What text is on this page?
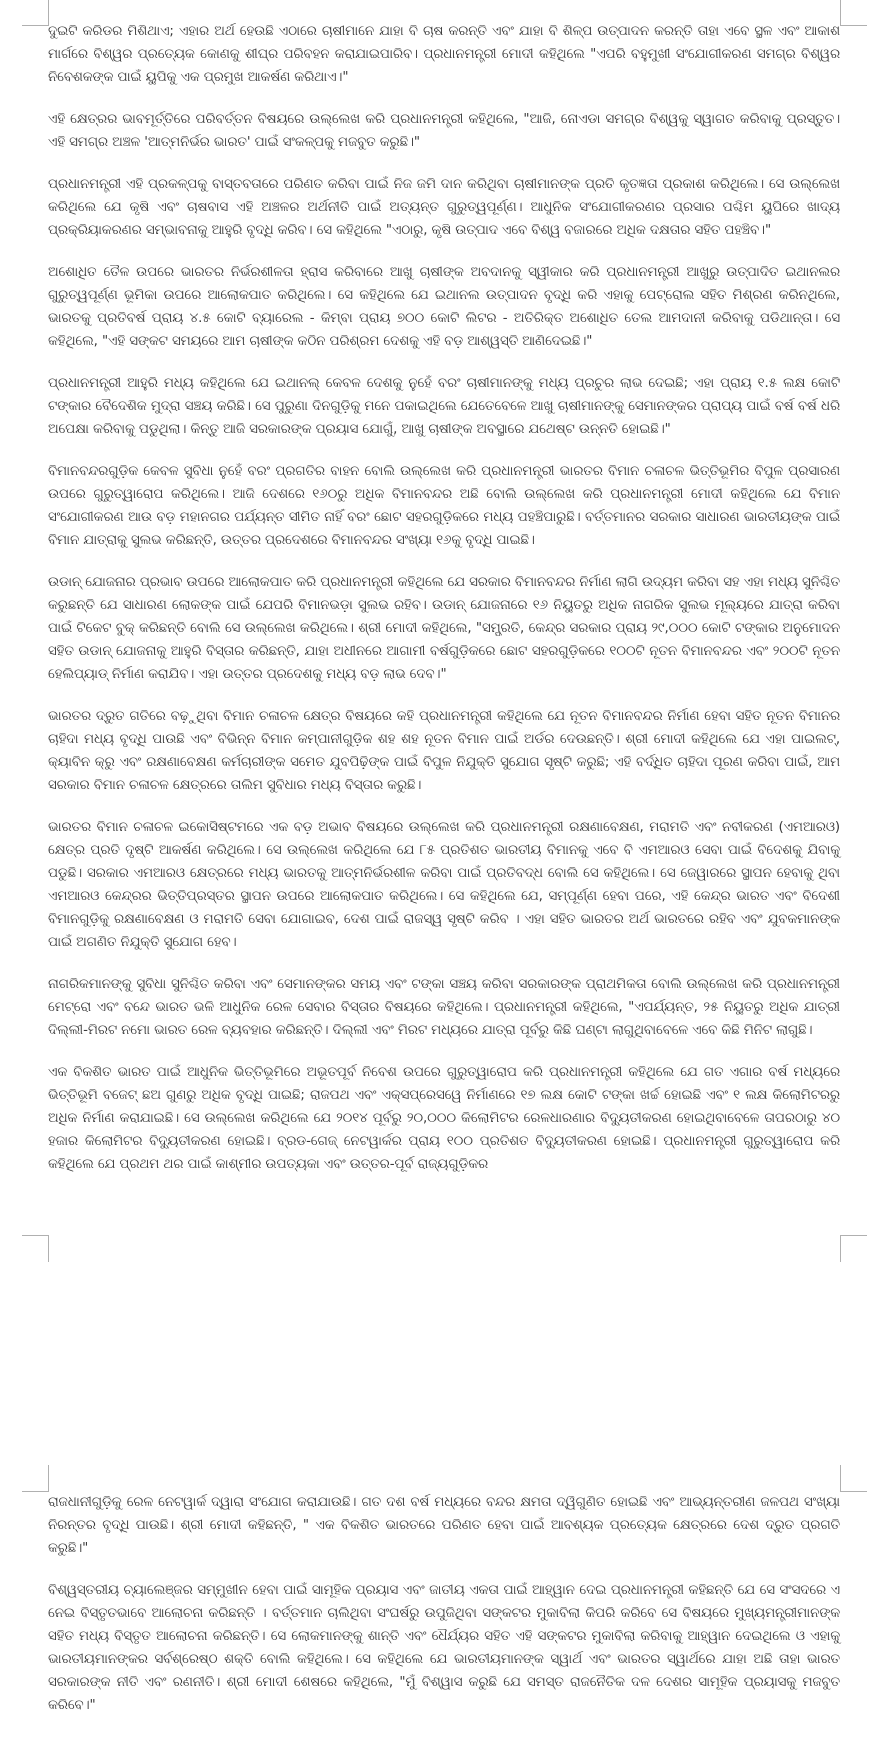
ଦୁଇଟି କରିଡର ମିଶିଥାଏ; ଏହାର ଅର୍ଥ ହେଉଛି ଏଠାରେ ଚାଷୀମାନେ ଯାହା ବି ଚାଷ କରନ୍ତି ଏବଂ ଯାହା ବି ଶିଳ୍ପ ଉତ୍ପାଦନ କରନ୍ତି ତାହା ଏବେ ସ୍ଥଳ ଏବଂ ଆକାଶ ମାର୍ଗରେ ବିଶ୍ୱର ପ୍ରତ୍ୟେକ କୋଣକୁ ଶୀଘ୍ର ପରିବହନ କରାଯାଇପାରିବ। ପ୍ରଧାନମନ୍ତ୍ରୀ ମୋଦୀ କହିଥିଲେ "ଏପରି ବହୁମୁଖୀ ସଂଯୋଗୀକରଣ ସମଗ୍ର ବିଶ୍ୱର ନିବେଶକଙ୍କ ପାଇଁ ୟୁପିକୁ ଏକ ପ୍ରମୁଖ ଆକର୍ଷଣ କରିଥାଏ।"

ଏହି କ୍ଷେତ୍ରର ଭାବମୂର୍ତ୍ତିରେ ପରିବର୍ତ୍ତନ ବିଷୟରେ ଉଲ୍ଲେଖ କରି ପ୍ରଧାନମନ୍ତ୍ରୀ କହିଥିଲେ, "ଆଜି, ନୋଏଡା ସମଗ୍ର ବିଶ୍ୱକୁ ସ୍ୱାଗତ କରିବାକୁ ପ୍ରସ୍ତୁତ। ଏହି ସମଗ୍ର ଅଞ୍ଚଳ 'ଆତ୍ମନିର୍ଭର ଭାରତ' ପାଇଁ ସଂକଳ୍ପକୁ ମଜବୁତ କରୁଛି।"

ପ୍ରଧାନମନ୍ତ୍ରୀ ଏହି ପ୍ରକଳ୍ପକୁ ବାସ୍ତବତାରେ ପରିଣତ କରିବା ପାଇଁ ନିଜ ଜମି ଦାନ କରିଥିବା ଚାଷୀମାନଙ୍କ ପ୍ରତି କୃତଜ୍ଞତା ପ୍ରକାଶ କରିଥିଲେ। ସେ ଉଲ୍ଲେଖ କରିଥିଲେ ଯେ କୃଷି ଏବଂ ଚାଷବାସ ଏହି ଅଞ୍ଚଳର ଅର୍ଥନୀତି ପାଇଁ ଅତ୍ୟନ୍ତ ଗୁରୁତ୍ୱପୂର୍ଣ୍ଣ। ଆଧୁନିକ ସଂଯୋଗୀକରଣର ପ୍ରସାର ପଶ୍ଚିମ ୟୁପିରେ ଖାଦ୍ୟ ପ୍ରକ୍ରିୟାକରଣର ସମ୍ଭାବନାକୁ ଆହୁରି ବୃଦ୍ଧି କରିବ। ସେ କହିଥିଲେ "ଏଠାରୁ, କୃଷି ଉତ୍ପାଦ ଏବେ ବିଶ୍ୱ ବଜାରରେ ଅଧିକ ଦକ୍ଷତାର ସହିତ ପହଞ୍ଚିବ।"

ଅଶୋଧିତ ତୈଳ ଉପରେ ଭାରତର ନିର୍ଭରଶୀଳତା ହ୍ରାସ କରିବାରେ ଆଖୁ ଚାଷୀଙ୍କ ଅବଦାନକୁ ସ୍ୱୀକାର କରି ପ୍ରଧାନମନ୍ତ୍ରୀ ଆଖୁରୁ ଉତ୍ପାଦିତ ଇଥାନଲର ଗୁରୁତ୍ୱପୂର୍ଣ୍ଣ ଭୂମିକା ଉପରେ ଆଲୋକପାତ କରିଥିଲେ। ସେ କହିଥିଲେ ଯେ ଇଥାନଲ ଉତ୍ପାଦନ ବୃଦ୍ଧି କରି ଏହାକୁ ପେଟ୍ରୋଲ ସହିତ ମିଶ୍ରଣ କରିନଥିଲେ, ଭାରତକୁ ପ୍ରତିବର୍ଷ ପ୍ରାୟ ୪.୫ କୋଟି ବ୍ୟାରେଲ - କିମ୍ବା ପ୍ରାୟ ୭୦୦ କୋଟି ଲିଟର - ଅତିରିକ୍ତ ଅଶୋଧିତ ତେଲ ଆମଦାନୀ କରିବାକୁ ପଡିଥାନ୍ତା। ସେ କହିଥିଲେ, "ଏହି ସଙ୍କଟ ସମୟରେ ଆମ ଚାଷୀଙ୍କ କଠିନ ପରିଶ୍ରମ ଦେଶକୁ ଏହି ବଡ଼ ଆଶ୍ୱସ୍ତି ଆଣିଦେଇଛି।"

ପ୍ରଧାନମନ୍ତ୍ରୀ ଆହୁରି ମଧ୍ୟ କହିଥିଲେ ଯେ ଇଥାନଲ୍ କେବଳ ଦେଶକୁ ନୁହେଁ ବରଂ ଚାଷୀମାନଙ୍କୁ ମଧ୍ୟ ପ୍ରଚୁର ଲାଭ ଦେଇଛି; ଏହା ପ୍ରାୟ ୧.୫ ଲକ୍ଷ କୋଟି ଟଙ୍କାର ବୈଦେଶିକ ମୁଦ୍ରା ସଞ୍ଚୟ କରିଛି। ସେ ପୁରୁଣା ଦିନଗୁଡ଼ିକୁ ମନେ ପକାଇଥିଲେ ଯେତେବେଳେ ଆଖୁ ଚାଷୀମାନଙ୍କୁ ସେମାନଙ୍କର ପ୍ରାପ୍ୟ ପାଇଁ ବର୍ଷ ବର୍ଷ ଧରି ଅପେକ୍ଷା କରିବାକୁ ପଡୁଥିଲା। କିନ୍ତୁ ଆଜି ସରକାରଙ୍କ ପ୍ରୟାସ ଯୋଗୁଁ, ଆଖୁ ଚାଷୀଙ୍କ ଅବସ୍ଥାରେ ଯଥେଷ୍ଟ ଉନ୍ନତି ହୋଇଛି।"

ବିମାନବନ୍ଦରଗୁଡ଼ିକ କେବଳ ସୁବିଧା ନୁହେଁ ବରଂ ପ୍ରଗତିର ବାହନ ବୋଲି ଉଲ୍ଲେଖ କରି ପ୍ରଧାନମନ୍ତ୍ରୀ ଭାରତର ବିମାନ ଚଳାଚଳ ଭିତ୍ତିଭୂମିର ବିପୁଳ ପ୍ରସାରଣ ଉପରେ ଗୁରୁତ୍ୱାରୋପ କରିଥିଲେ। ଆଜି ଦେଶରେ ୧୬୦ରୁ ଅଧିକ ବିମାନବନ୍ଦର ଅଛି ବୋଲି ଉଲ୍ଲେଖ କରି ପ୍ରଧାନମନ୍ତ୍ରୀ ମୋଦୀ କହିଥିଲେ ଯେ ବିମାନ ସଂଯୋଗୀକରଣ ଆଉ ବଡ଼ ମହାନଗର ପର୍ଯ୍ୟନ୍ତ ସୀମିତ ନାହିଁ ବରଂ ଛୋଟ ସହରଗୁଡ଼ିକରେ ମଧ୍ୟ ପହଞ୍ଚିପାରୁଛି। ବର୍ତ୍ତମାନର ସରକାର ସାଧାରଣ ଭାରତୀୟଙ୍କ ପାଇଁ ବିମାନ ଯାତ୍ରାକୁ ସୁଲଭ କରିଛନ୍ତି, ଉତ୍ତର ପ୍ରଦେଶରେ ବିମାନବନ୍ଦର ସଂଖ୍ୟା ୧୬କୁ ବୃଦ୍ଧି ପାଇଛି।

ଉଡାନ୍ ଯୋଜନାର ପ୍ରଭାବ ଉପରେ ଆଲୋକପାତ କରି ପ୍ରଧାନମନ୍ତ୍ରୀ କହିଥିଲେ ଯେ ସରକାର ବିମାନବନ୍ଦର ନିର୍ମାଣ ଲାଗି ଉଦ୍ୟମ କରିବା ସହ ଏହା ମଧ୍ୟ ସୁନିଶ୍ଚିତ କରୁଛନ୍ତି ଯେ ସାଧାରଣ ଲୋକଙ୍କ ପାଇଁ ଯେପରି ବିମାନଭଡ଼ା ସୁଲଭ ରହିବ। ଉଡାନ୍ ଯୋଜନାରେ ୧୬ ନିୟୁତରୁ ଅଧିକ ନାଗରିକ ସୁଲଭ ମୂଲ୍ୟରେ ଯାତ୍ରା କରିବା ପାଇଁ ଟିକେଟ ବୁକ୍ କରିଛନ୍ତି ବୋଲି ସେ ଉଲ୍ଲେଖ କରିଥିଲେ। ଶ୍ରୀ ମୋଦୀ କହିଥିଲେ, "ସମ୍ପ୍ରତି, କେନ୍ଦ୍ର ସରକାର ପ୍ରାୟ ୨୯,୦୦୦ କୋଟି ଟଙ୍କାର ଅନୁମୋଦନ ସହିତ ଉଡାନ୍ ଯୋଜନାକୁ ଆହୁରି ବିସ୍ତାର କରିଛନ୍ତି, ଯାହା ଅଧୀନରେ ଆଗାମୀ ବର୍ଷଗୁଡ଼ିକରେ ଛୋଟ ସହରଗୁଡ଼ିକରେ ୧୦୦ଟି ନୂତନ ବିମାନବନ୍ଦର ଏବଂ ୨୦୦ଟି ନୂତନ ହେଲିପ୍ୟାଡ୍ ନିର୍ମାଣ କରାଯିବ। ଏହା ଉତ୍ତର ପ୍ରଦେଶକୁ ମଧ୍ୟ ବଡ଼ ଲାଭ ଦେବ।"

ଭାରତର ଦ୍ରୁତ ଗତିରେ ବଢ଼ୁଥିବା ବିମାନ ଚଳାଚଳ କ୍ଷେତ୍ର ବିଷୟରେ କହି ପ୍ରଧାନମନ୍ତ୍ରୀ କହିଥିଲେ ଯେ ନୂତନ ବିମାନବନ୍ଦର ନିର୍ମାଣ ହେବା ସହିତ ନୂତନ ବିମାନର ଚାହିଦା ମଧ୍ୟ ବୃଦ୍ଧି ପାଉଛି ଏବଂ ବିଭିନ୍ନ ବିମାନ କମ୍ପାନୀଗୁଡ଼ିକ ଶହ ଶହ ନୂତନ ବିମାନ ପାଇଁ ଅର୍ଡର ଦେଉଛନ୍ତି। ଶ୍ରୀ ମୋଦୀ କହିଥିଲେ ଯେ ଏହା ପାଇଲଟ୍, କ୍ୟାବିନ କ୍ରୁ ଏବଂ ରକ୍ଷଣାବେକ୍ଷଣ କର୍ମଚାରୀଙ୍କ ସମେତ ଯୁବପିଢ଼ିଙ୍କ ପାଇଁ ବିପୁଳ ନିଯୁକ୍ତି ସୁଯୋଗ ସୃଷ୍ଟି କରୁଛି; ଏହି ବର୍ଦ୍ଧିତ ଚାହିଦା ପୂରଣ କରିବା ପାଇଁ, ଆମ ସରକାର ବିମାନ ଚଳାଚଳ କ୍ଷେତ୍ରରେ ତାଲିମ ସୁବିଧାର ମଧ୍ୟ ବିସ୍ତାର କରୁଛି।

ଭାରତର ବିମାନ ଚଳାଚଳ ଇକୋସିଷ୍ଟମରେ ଏକ ବଡ଼ ଅଭାବ ବିଷୟରେ ଉଲ୍ଲେଖ କରି ପ୍ରଧାନମନ୍ତ୍ରୀ ରକ୍ଷଣାବେକ୍ଷଣ, ମରାମତି ଏବଂ ନବୀକରଣ (ଏମଆରଓ) କ୍ଷେତ୍ର ପ୍ରତି ଦୃଷ୍ଟି ଆକର୍ଷଣ କରିଥିଲେ। ସେ ଉଲ୍ଲେଖ କରିଥିଲେ ଯେ ୮୫ ପ୍ରତିଶତ ଭାରତୀୟ ବିମାନକୁ ଏବେ ବି ଏମଆରଓ ସେବା ପାଇଁ ବିଦେଶକୁ ଯିବାକୁ ପଡୁଛି। ସରକାର ଏମଆରଓ କ୍ଷେତ୍ରରେ ମଧ୍ୟ ଭାରତକୁ ଆତ୍ମନିର୍ଭରଶୀଳ କରିବା ପାଇଁ ପ୍ରତିବଦ୍ଧ ବୋଲି ସେ କହିଥିଲେ। ସେ ଜେୱାରରେ ସ୍ଥାପନ ହେବାକୁ ଥିବା ଏମଆରଓ କେନ୍ଦ୍ରର ଭିତ୍ତିପ୍ରସ୍ତର ସ୍ଥାପନ ଉପରେ ଆଲୋକପାତ କରିଥିଲେ। ସେ କହିଥିଲେ ଯେ, ସମ୍ପୂର୍ଣ୍ଣ ହେବା ପରେ, ଏହି କେନ୍ଦ୍ର ଭାରତ ଏବଂ ବିଦେଶୀ ବିମାନଗୁଡ଼ିକୁ ରକ୍ଷଣାବେକ୍ଷଣ ଓ ମରାମତି ସେବା ଯୋଗାଇବ, ଦେଶ ପାଇଁ ରାଜସ୍ୱ ସୃଷ୍ଟି କରିବ । ଏହା ସହିତ ଭାରତର ଅର୍ଥ ଭାରତରେ ରହିବ ଏବଂ ଯୁବକମାନଙ୍କ ପାଇଁ ଅଗଣିତ ନିଯୁକ୍ତି ସୁଯୋଗ ହେବ।

ନାଗରିକମାନଙ୍କୁ ସୁବିଧା ସୁନିଶ୍ଚିତ କରିବା ଏବଂ ସେମାନଙ୍କର ସମୟ ଏବଂ ଟଙ୍କା ସଞ୍ଚୟ କରିବା ସରକାରଙ୍କ ପ୍ରାଥମିକତା ବୋଲି ଉଲ୍ଲେଖ କରି ପ୍ରଧାନମନ୍ତ୍ରୀ ମେଟ୍ରୋ ଏବଂ ବନ୍ଦେ ଭାରତ ଭଳି ଆଧୁନିକ ରେଳ ସେବାର ବିସ୍ତାର ବିଷୟରେ କହିଥିଲେ। ପ୍ରଧାନମନ୍ତ୍ରୀ କହିଥିଲେ, "ଏପର୍ଯ୍ୟନ୍ତ, ୨୫ ନିୟୁତରୁ ଅଧିକ ଯାତ୍ରୀ ଦିଲ୍ଲୀ-ମିରଟ ନମୋ ଭାରତ ରେଳ ବ୍ୟବହାର କରିଛନ୍ତି। ଦିଲ୍ଲୀ ଏବଂ ମିରଟ ମଧ୍ୟରେ ଯାତ୍ରା ପୂର୍ବରୁ କିଛି ଘଣ୍ଟା ଲାଗୁଥିବାବେଳେ ଏବେ କିଛି ମିନିଟ ଲାଗୁଛି।

ଏକ ବିକଶିତ ଭାରତ ପାଇଁ ଆଧୁନିକ ଭିତ୍ତିଭୂମିରେ ଅଭୂତପୂର୍ବ ନିବେଶ ଉପରେ ଗୁରୁତ୍ୱାରୋପ କରି ପ୍ରଧାନମନ୍ତ୍ରୀ କହିଥିଲେ ଯେ ଗତ ଏଗାର ବର୍ଷ ମଧ୍ୟରେ ଭିତ୍ତିଭୂମି ବଜେଟ୍ ଛଅ ଗୁଣରୁ ଅଧିକ ବୃଦ୍ଧି ପାଇଛି; ରାଜପଥ ଏବଂ ଏକ୍ସପ୍ରେସୱେ ନିର୍ମାଣରେ ୧୭ ଲକ୍ଷ କୋଟି ଟଙ୍କା ଖର୍ଚ୍ଚ ହୋଇଛି ଏବଂ ୧ ଲକ୍ଷ କିଲୋମିଟରରୁ ଅଧିକ ନିର୍ମାଣ କରାଯାଇଛି। ସେ ଉଲ୍ଲେଖ କରିଥିଲେ ଯେ ୨୦୧୪ ପୂର୍ବରୁ ୨୦,୦୦୦ କିଲୋମିଟର ରେଳଧାରଣାର ବିଦ୍ୟୁତୀକରଣ ହୋଇଥିବାବେଳେ ତାପରଠାରୁ ୪୦ ହଜାର କିଲୋମିଟର ବିଦ୍ୟୁତୀକରଣ ହୋଇଛି। ବ୍ରଡ-ଗେଜ୍ ନେଟୱାର୍କର ପ୍ରାୟ ୧୦୦ ପ୍ରତିଶତ ବିଦ୍ୟୁତୀକରଣ ହୋଇଛି। ପ୍ରଧାନମନ୍ତ୍ରୀ ଗୁରୁତ୍ୱାରୋପ କରି କହିଥିଲେ ଯେ ପ୍ରଥମ ଥର ପାଇଁ କାଶ୍ମୀର ଉପତ୍ୟକା ଏବଂ ଉତ୍ତର-ପୂର୍ବ ରାଜ୍ୟଗୁଡ଼ିକର

ରାଜଧାନୀଗୁଡ଼ିକୁ ରେଳ ନେଟୱାର୍କ ଦ୍ୱାରା ସଂଯୋଗ କରାଯାଉଛି। ଗତ ଦଶ ବର୍ଷ ମଧ୍ୟରେ ବନ୍ଦର କ୍ଷମତା ଦ୍ୱିଗୁଣିତ ହୋଇଛି ଏବଂ ଆଭ୍ୟନ୍ତରୀଣ ଜଳପଥ ସଂଖ୍ୟା ନିରନ୍ତର ବୃଦ୍ଧି ପାଉଛି। ଶ୍ରୀ ମୋଦୀ କହିଛନ୍ତି, " ଏକ ବିକଶିତ ଭାରତରେ ପରିଣତ ହେବା ପାଇଁ ଆବଶ୍ୟକ ପ୍ରତ୍ୟେକ କ୍ଷେତ୍ରରେ ଦେଶ ଦ୍ରୁତ ପ୍ରଗତି କରୁଛି।"

ବିଶ୍ୱସ୍ତରୀୟ ଚ୍ୟାଲେଞ୍ଜର ସମ୍ମୁଖୀନ ହେବା ପାଇଁ ସାମୂହିକ ପ୍ରୟାସ ଏବଂ ଜାତୀୟ ଏକତା ପାଇଁ ଆହ୍ୱାନ ଦେଇ ପ୍ରଧାନମନ୍ତ୍ରୀ କହିଛନ୍ତି ଯେ ସେ ସଂସଦରେ ଏ ନେଇ ବିସ୍ତୃତଭାବେ ଆଲୋଚନା କରିଛନ୍ତି । ବର୍ତ୍ତମାନ ଚାଲିଥିବା ସଂଘର୍ଷରୁ ଉପୁଜିଥିବା ସଙ୍କଟର ମୁକାବିଲା କିପରି କରିବେ ସେ ବିଷୟରେ ମୁଖ୍ୟମନ୍ତ୍ରୀମାନଙ୍କ ସହିତ ମଧ୍ୟ ବିସ୍ତୃତ ଆଲୋଚନା କରିଛନ୍ତି। ସେ ଲୋକମାନଙ୍କୁ ଶାନ୍ତି ଏବଂ ଧୈର୍ଯ୍ୟର ସହିତ ଏହି ସଙ୍କଟର ମୁକାବିଲା କରିବାକୁ ଆହ୍ୱାନ ଦେଇଥିଲେ ଓ ଏହାକୁ ଭାରତୀୟମାନଙ୍କର ସର୍ବଶ୍ରେଷ୍ଠ ଶକ୍ତି ବୋଲି କହିଥିଲେ। ସେ କହିଥିଲେ ଯେ ଭାରତୀୟମାନଙ୍କ ସ୍ୱାର୍ଥ ଏବଂ ଭାରତର ସ୍ୱାର୍ଥରେ ଯାହା ଅଛି ତାହା ଭାରତ ସରକାରଙ୍କ ନୀତି ଏବଂ ରଣନୀତି। ଶ୍ରୀ ମୋଦୀ ଶେଷରେ କହିଥିଲେ, "ମୁଁ ବିଶ୍ୱାସ କରୁଛି ଯେ ସମସ୍ତ ରାଜନୈତିକ ଦଳ ଦେଶର ସାମୂହିକ ପ୍ରୟାସକୁ ମଜବୁତ କରିବେ।"
